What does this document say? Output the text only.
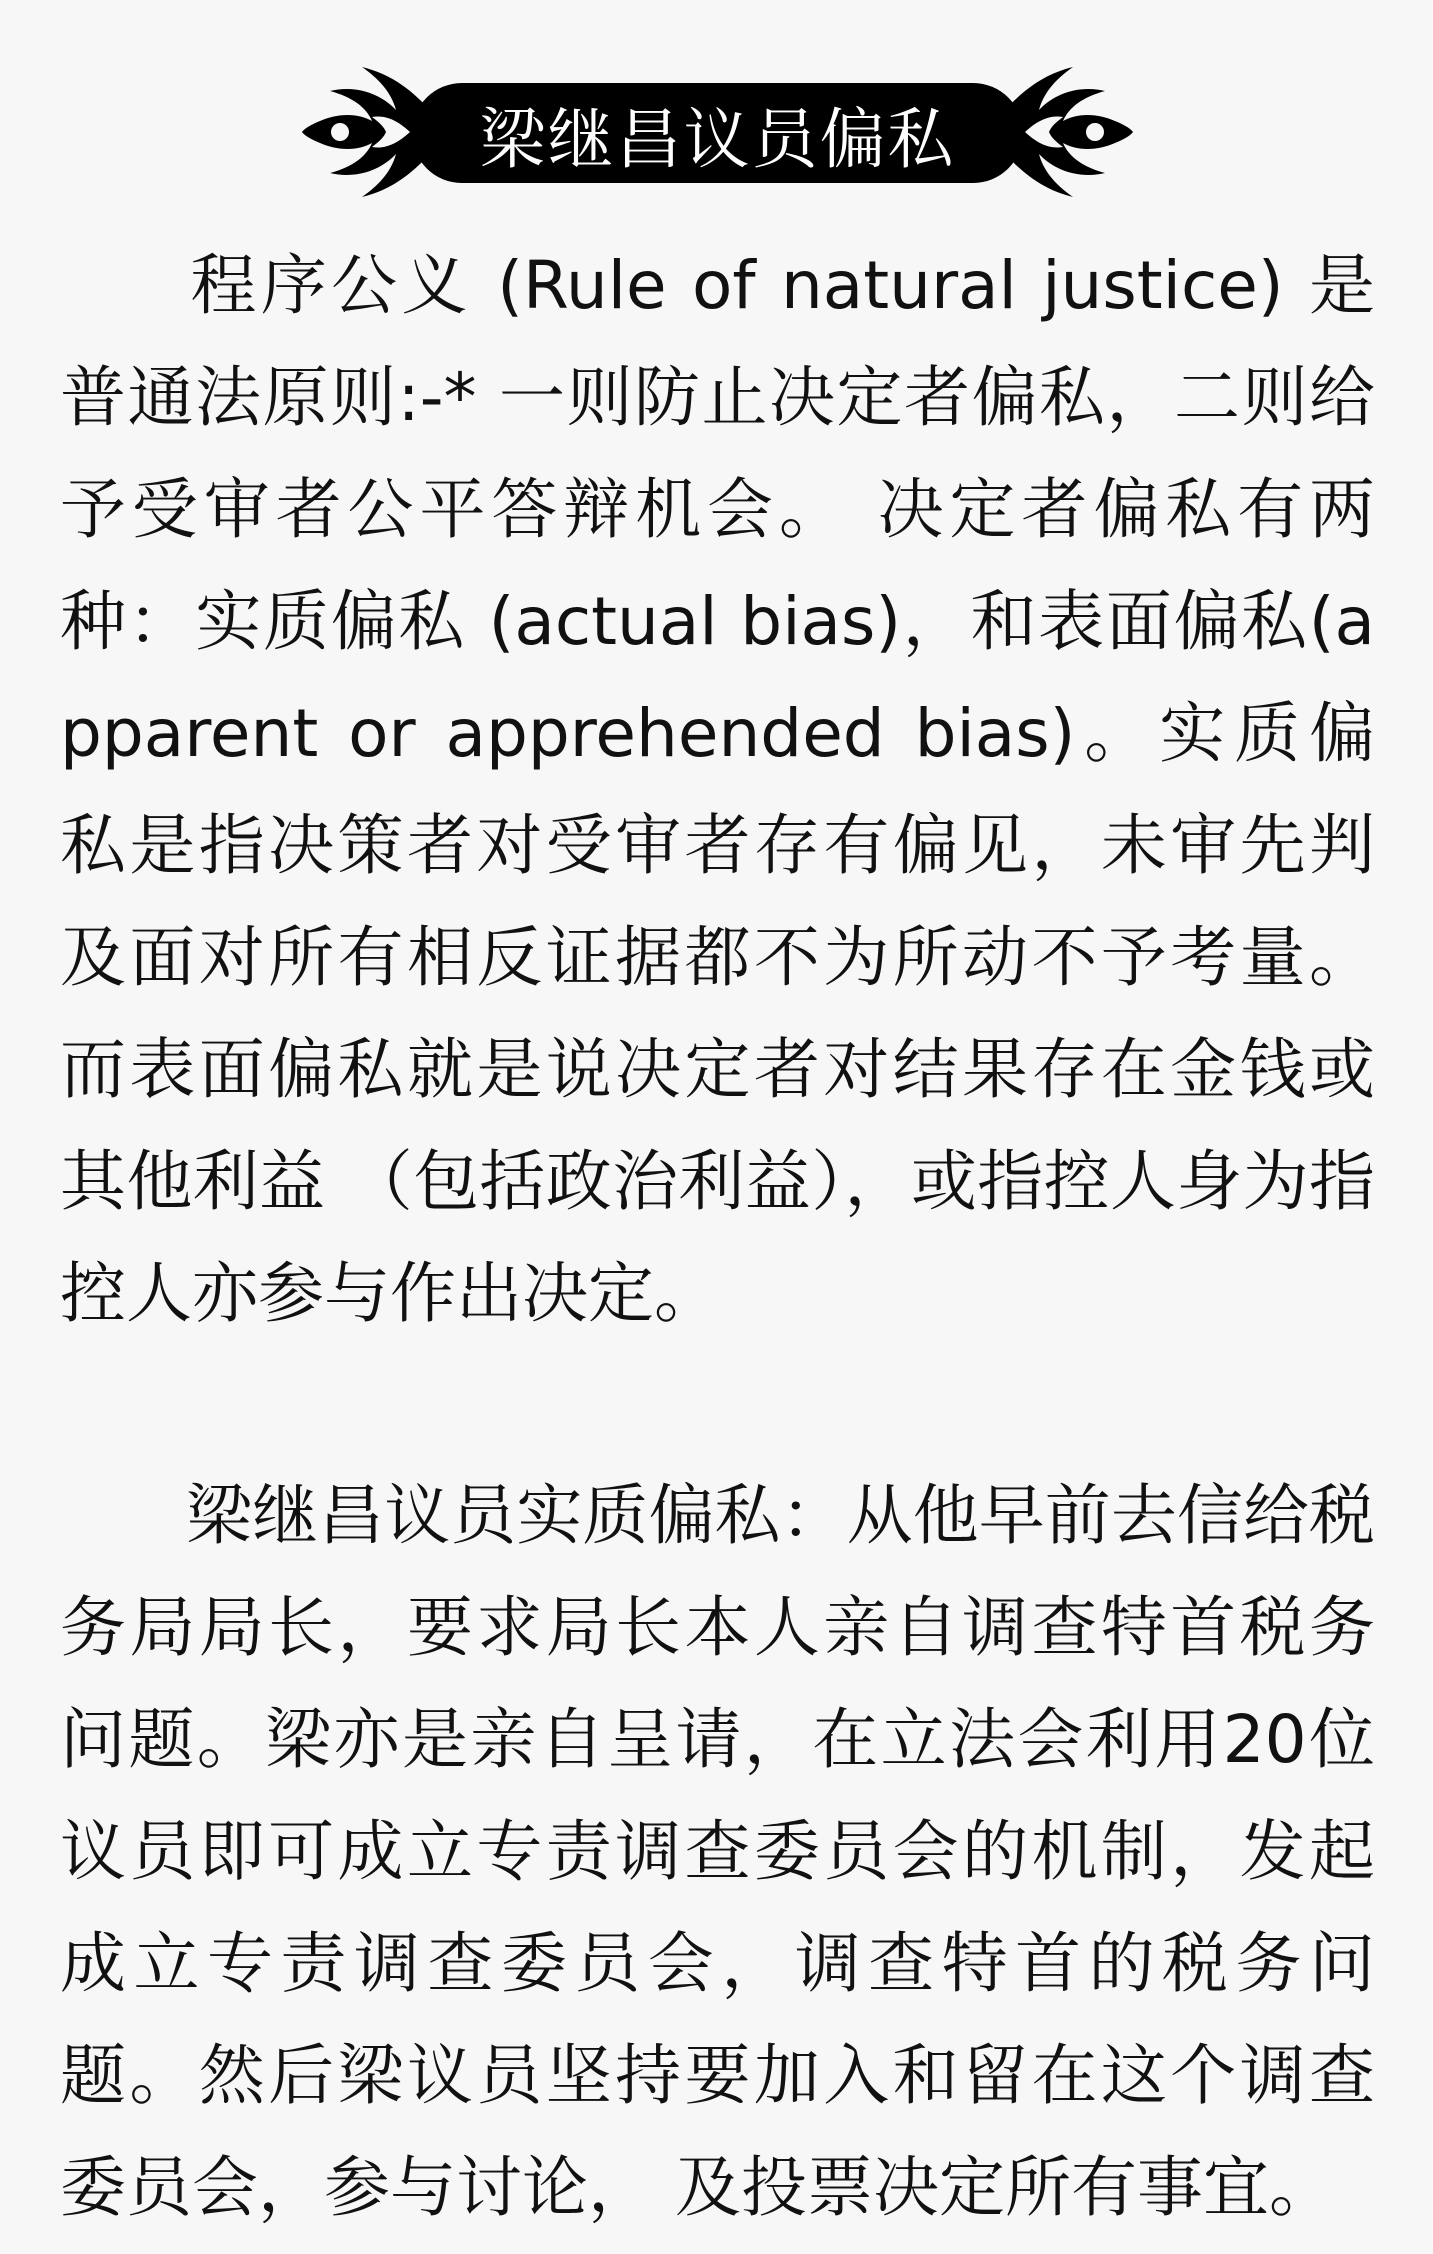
梁继昌议员偏私

程序公义 (Rule of natural justice) 是普通法原则:-* 一则防止决定者偏私，二则给予受审者公平答辩机会。 决定者偏私有两种：实质偏私 (actual bias)，和表面偏私(apparent or apprehended bias)。实质偏私是指决策者对受审者存有偏见，未审先判及面对所有相反证据都不为所动不予考量。而表面偏私就是说决定者对结果存在金钱或其他利益 （包括政治利益），或指控人身为指控人亦参与作出决定。

梁继昌议员实质偏私：从他早前去信给税务局局长，要求局长本人亲自调查特首税务问题。梁亦是亲自呈请，在立法会利用20位议员即可成立专责调查委员会的机制，发起成立专责调查委员会，调查特首的税务问题。然后梁议员坚持要加入和留在这个调查委员会，参与讨论， 及投票决定所有事宜。
